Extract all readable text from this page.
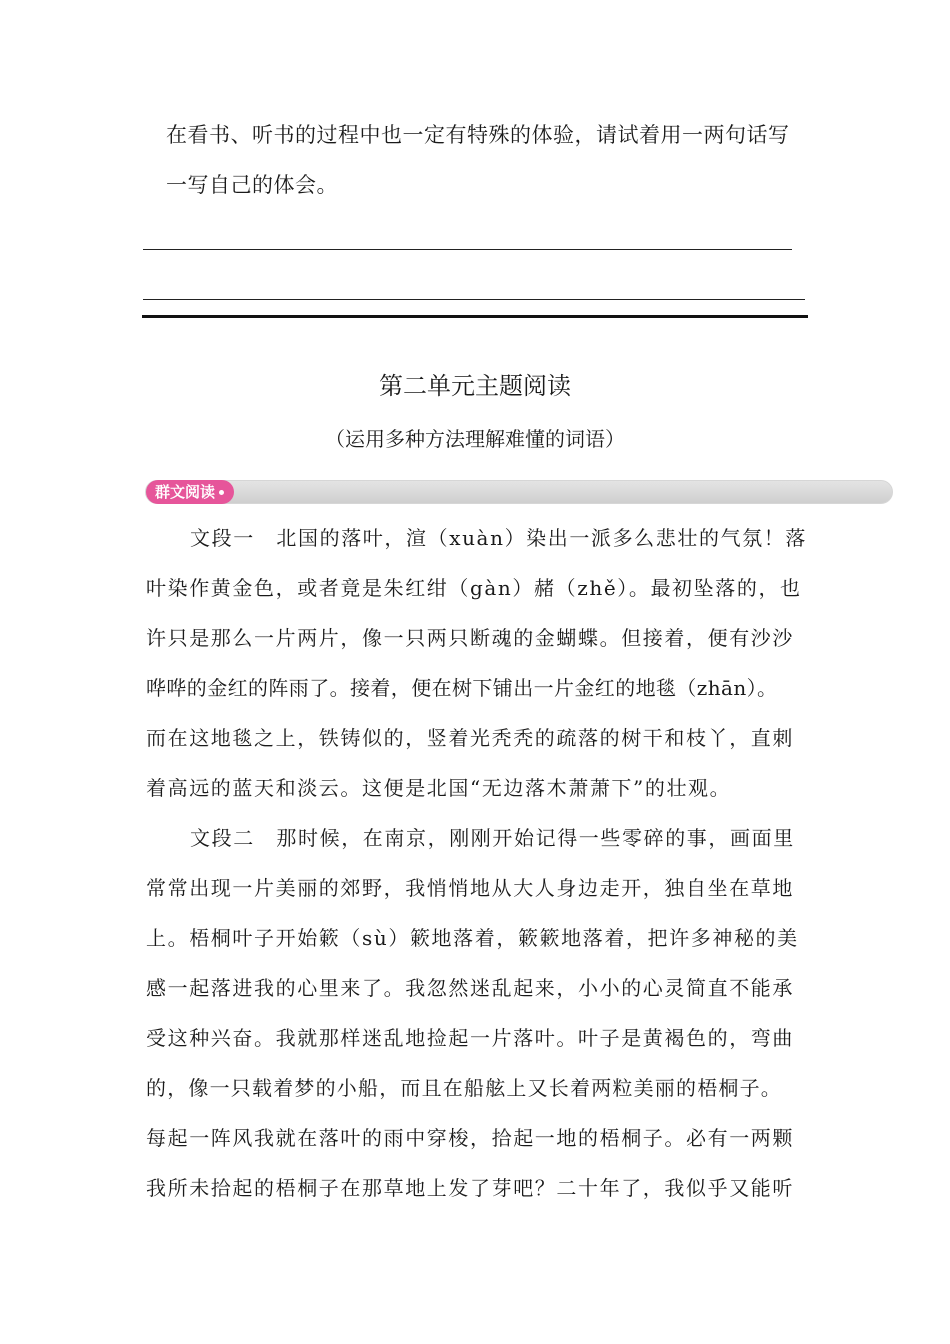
在看书、听书的过程中也一定有特殊的体验，请试着用一两句话写
一写自己的体会。
第二单元主题阅读
（运用多种方法理解难懂的词语）
群文阅读
文段一　北国的落叶，渲（xuàn）染出一派多么悲壮的气氛！落
叶染作黄金色，或者竟是朱红绀（gàn）赭（zhě）。最初坠落的，也
许只是那么一片两片，像一只两只断魂的金蝴蝶。但接着，便有沙沙
哗哗的金红的阵雨了。接着，便在树下铺出一片金红的地毯（zhān）。
而在这地毯之上，铁铸似的，竖着光秃秃的疏落的树干和枝丫，直刺
着高远的蓝天和淡云。这便是北国“无边落木萧萧下”的壮观。
文段二　那时候，在南京，刚刚开始记得一些零碎的事，画面里
常常出现一片美丽的郊野，我悄悄地从大人身边走开，独自坐在草地
上。梧桐叶子开始簌（sù）簌地落着，簌簌地落着，把许多神秘的美
感一起落进我的心里来了。我忽然迷乱起来，小小的心灵简直不能承
受这种兴奋。我就那样迷乱地捡起一片落叶。叶子是黄褐色的，弯曲
的，像一只载着梦的小船，而且在船舷上又长着两粒美丽的梧桐子。
每起一阵风我就在落叶的雨中穿梭，拾起一地的梧桐子。必有一两颗
我所未拾起的梧桐子在那草地上发了芽吧？二十年了，我似乎又能听
